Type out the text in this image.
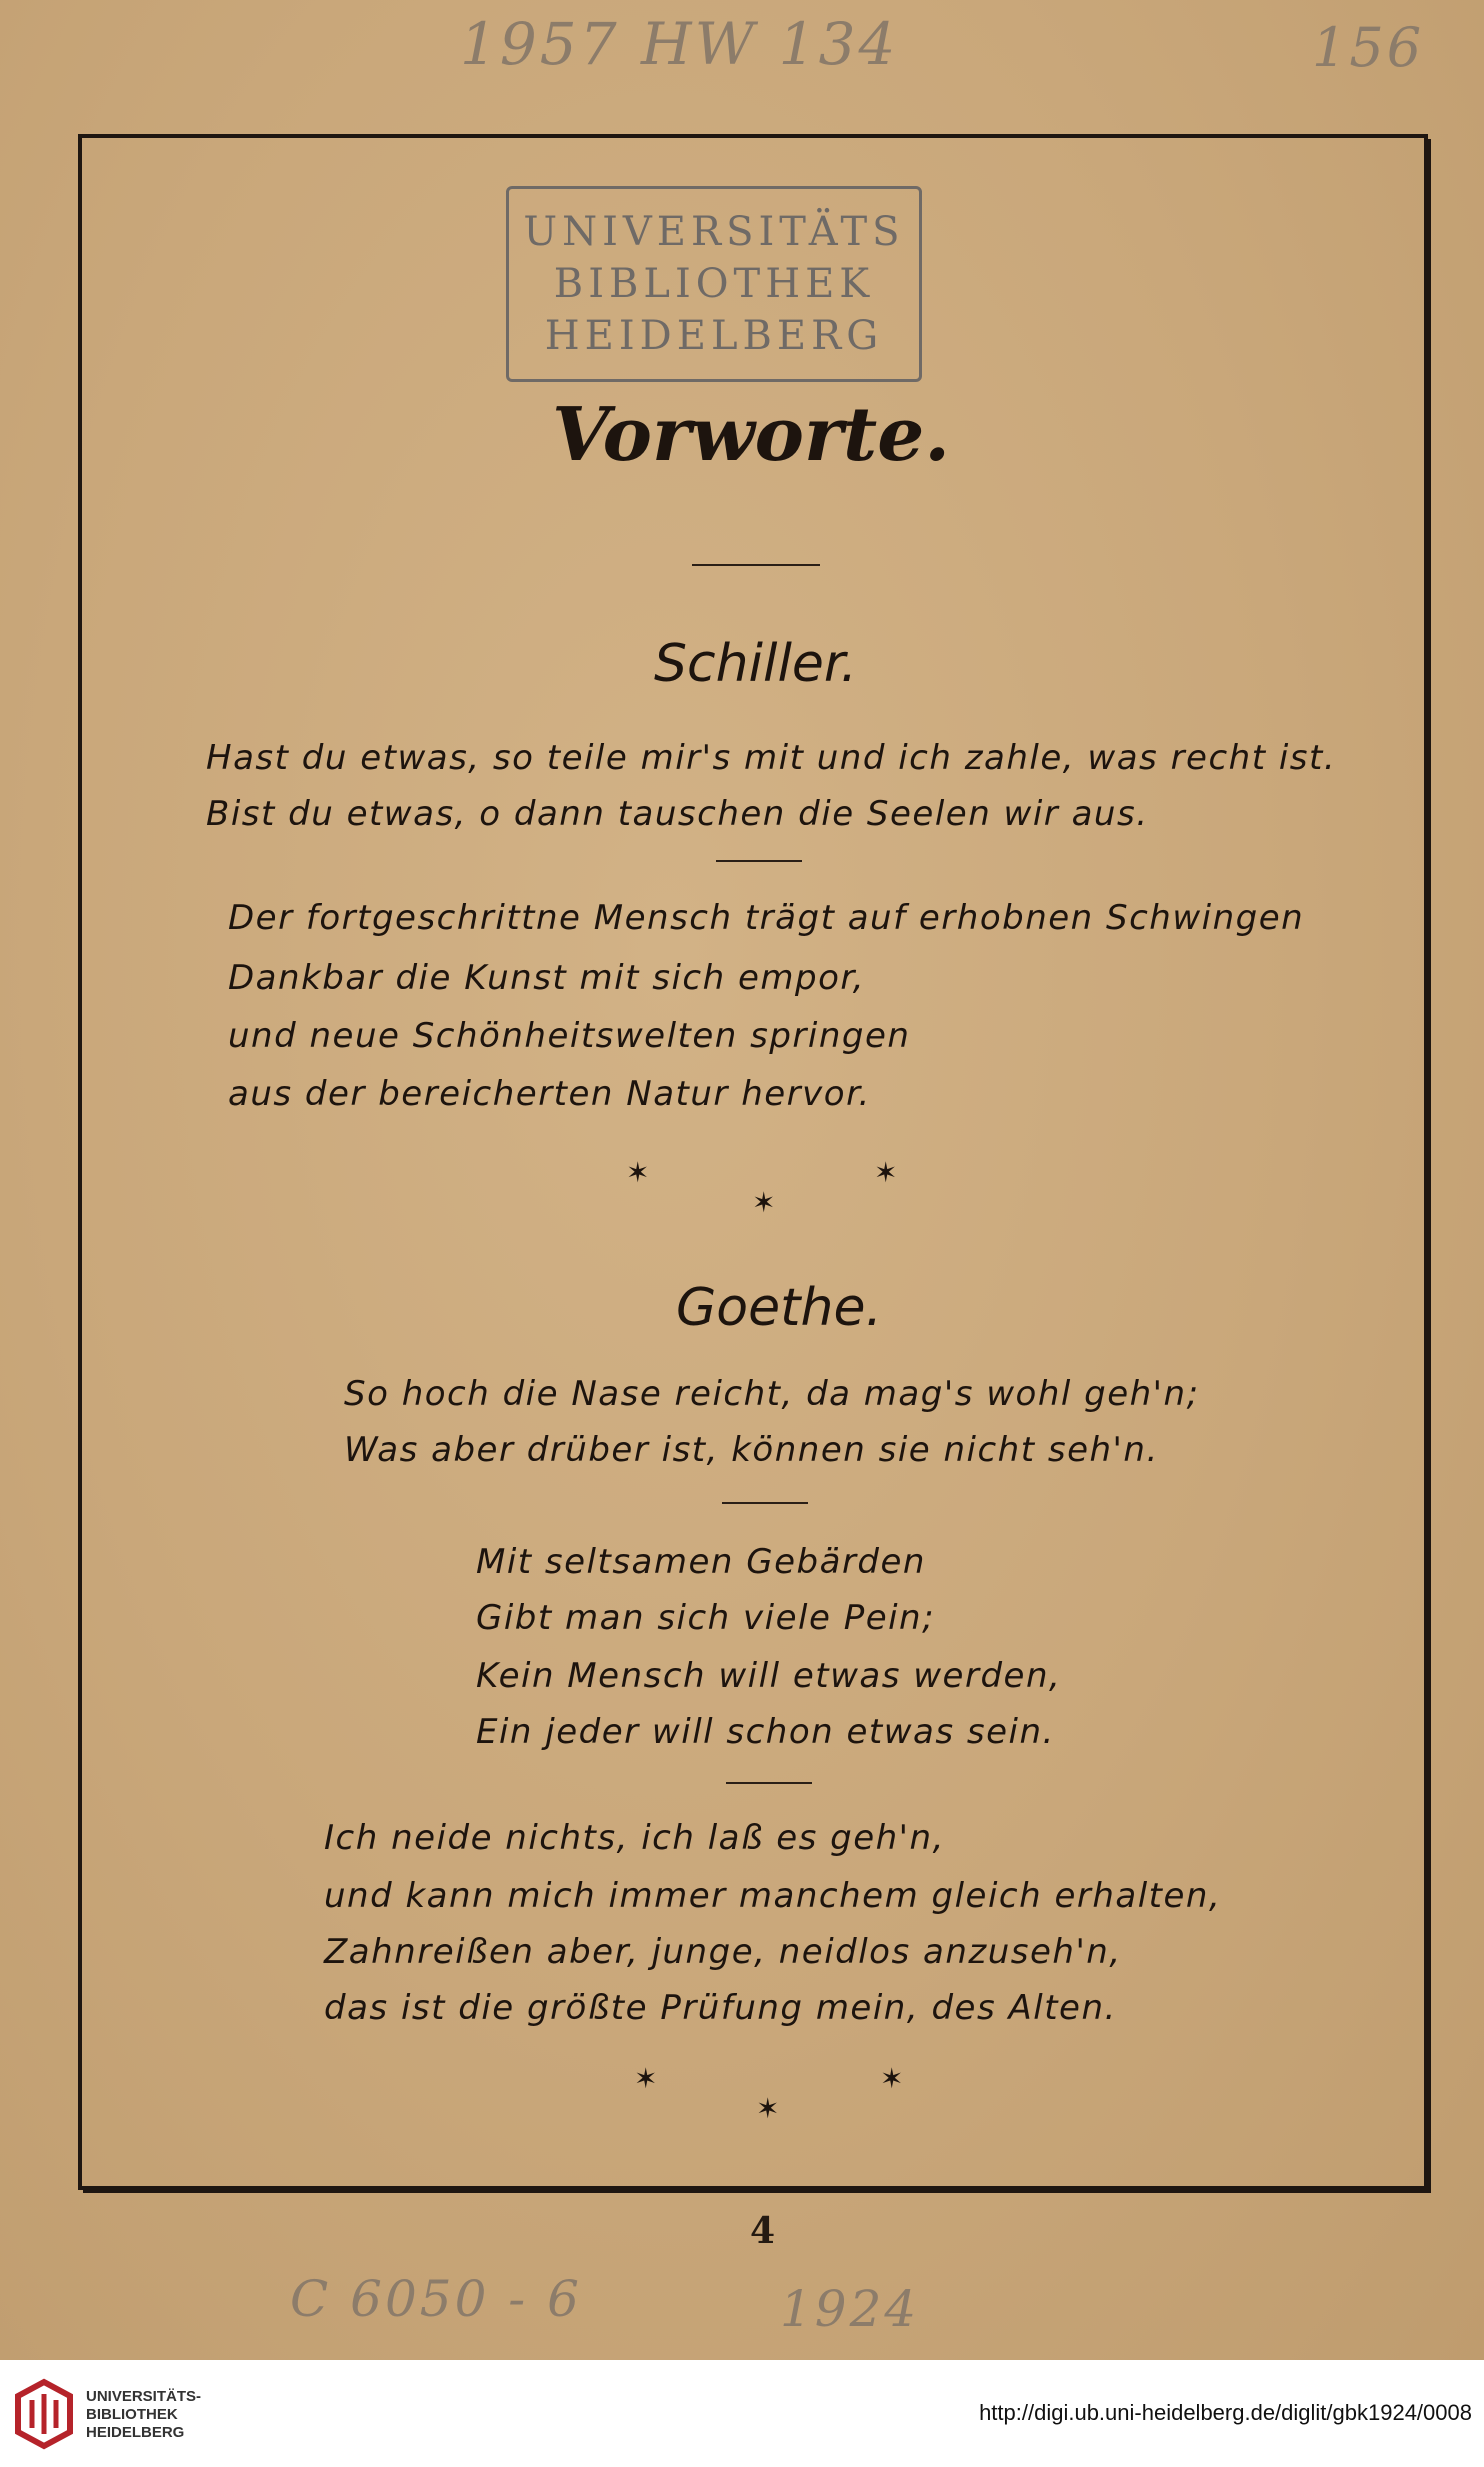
1957 HW 134	156
UNIVERSITÄTS
BIBLIOTHEK
HEIDELBERG
Vorworte.
Schiller.
Hast du etwas, so teile mir's mit und ich zahle, was recht ist.
Bist du etwas, o dann tauschen die Seelen wir aus.
Der fortgeschrittne Mensch trägt auf erhobnen Schwingen
Dankbar die Kunst mit sich empor,
und neue Schönheitswelten springen
aus der bereicherten Natur hervor.
✶	✶
✶
Goethe.
So hoch die Nase reicht, da mag's wohl geh'n;
Was aber drüber ist, können sie nicht seh'n.
Mit seltsamen Gebärden
Gibt man sich viele Pein;
Kein Mensch will etwas werden,
Ein jeder will schon etwas sein.
Ich neide nichts, ich laß es geh'n,
und kann mich immer manchem gleich erhalten,
Zahnreißen aber, junge, neidlos anzuseh'n,
das ist die größte Prüfung mein, des Alten.
✶	✶
✶
4
C 6050 - 6	1924
UNIVERSITÄTS-
BIBLIOTHEK
HEIDELBERG
http://digi.ub.uni-heidelberg.de/diglit/gbk1924/0008
